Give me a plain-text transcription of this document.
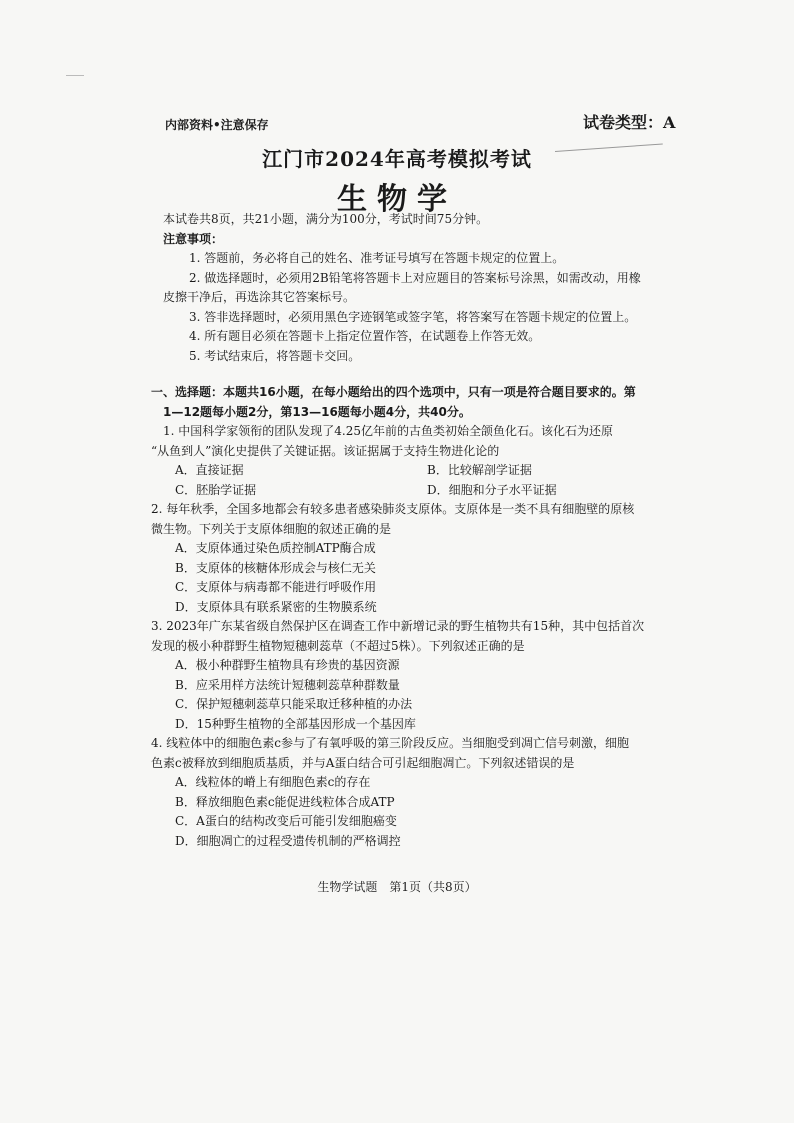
内部资料•注意保存	试卷类型：A
江门市2024年高考模拟考试
生物学

本试卷共8页，共21小题，满分为100分，考试时间75分钟。

注意事项：

1. 答题前，务必将自己的姓名、准考证号填写在答题卡规定的位置上。

2. 做选择题时，必须用2B铅笔将答题卡上对应题目的答案标号涂黑，如需改动，用橡

皮擦干净后，再选涂其它答案标号。

3. 答非选择题时，必须用黑色字迹钢笔或签字笔，将答案写在答题卡规定的位置上。

4. 所有题目必须在答题卡上指定位置作答，在试题卷上作答无效。

5. 考试结束后，将答题卡交回。

一、选择题：本题共16小题，在每小题给出的四个选项中，只有一项是符合题目要求的。第

1—12题每小题2分，第13—16题每小题4分，共40分。

1. 中国科学家领衔的团队发现了4.25亿年前的古鱼类初始全颌鱼化石。该化石为还原

“从鱼到人”演化史提供了关键证据。该证据属于支持生物进化论的

A．直接证据	B．比较解剖学证据
C．胚胎学证据	D．细胞和分子水平证据

2. 每年秋季，全国多地都会有较多患者感染肺炎支原体。支原体是一类不具有细胞壁的原核

微生物。下列关于支原体细胞的叙述正确的是

A．支原体通过染色质控制ATP酶合成

B．支原体的核糖体形成会与核仁无关

C．支原体与病毒都不能进行呼吸作用

D．支原体具有联系紧密的生物膜系统

3. 2023年广东某省级自然保护区在调查工作中新增记录的野生植物共有15种，其中包括首次

发现的极小种群野生植物短穗刺蕊草（不超过5株）。下列叙述正确的是

A．极小种群野生植物具有珍贵的基因资源

B．应采用样方法统计短穗刺蕊草种群数量

C．保护短穗刺蕊草只能采取迁移种植的办法

D．15种野生植物的全部基因形成一个基因库

4. 线粒体中的细胞色素c参与了有氧呼吸的第三阶段反应。当细胞受到凋亡信号刺激，细胞

色素c被释放到细胞质基质，并与A蛋白结合可引起细胞凋亡。下列叙述错误的是

A．线粒体的嵴上有细胞色素c的存在

B．释放细胞色素c能促进线粒体合成ATP

C．A蛋白的结构改变后可能引发细胞癌变

D．细胞凋亡的过程受遗传机制的严格调控

生物学试题　第1页（共8页）
